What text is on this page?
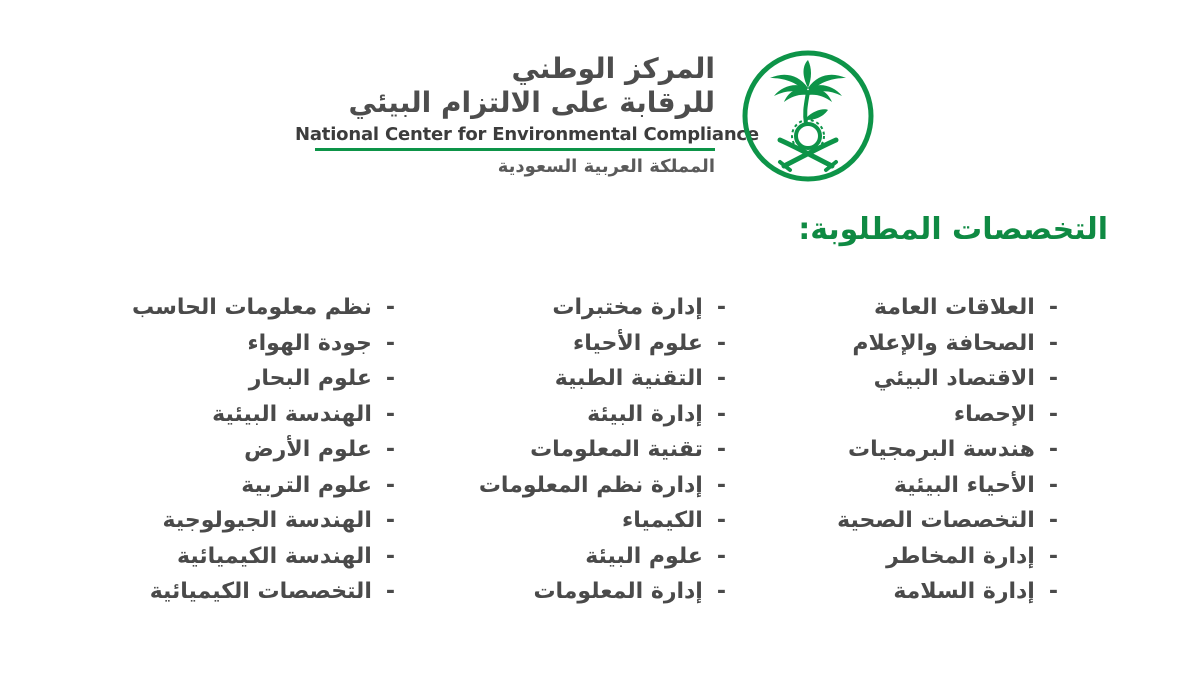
المركز الوطني
للرقابة على الالتزام البيئي
National Center for Environmental Compliance
المملكة العربية السعودية
التخصصات المطلوبة:
-العلاقات العامة
-الصحافة والإعلام
-الاقتصاد البيئي
-الإحصاء
-هندسة البرمجيات
-الأحياء البيئية
-التخصصات الصحية
-إدارة المخاطر
-إدارة السلامة
-إدارة مختبرات
-علوم الأحياء
-التقنية الطبية
-إدارة البيئة
-تقنية المعلومات
-إدارة نظم المعلومات
-الكيمياء
-علوم البيئة
-إدارة المعلومات
-نظم معلومات الحاسب
-جودة الهواء
-علوم البحار
-الهندسة البيئية
-علوم الأرض
-علوم التربية
-الهندسة الجيولوجية
-الهندسة الكيميائية
-التخصصات الكيميائية
